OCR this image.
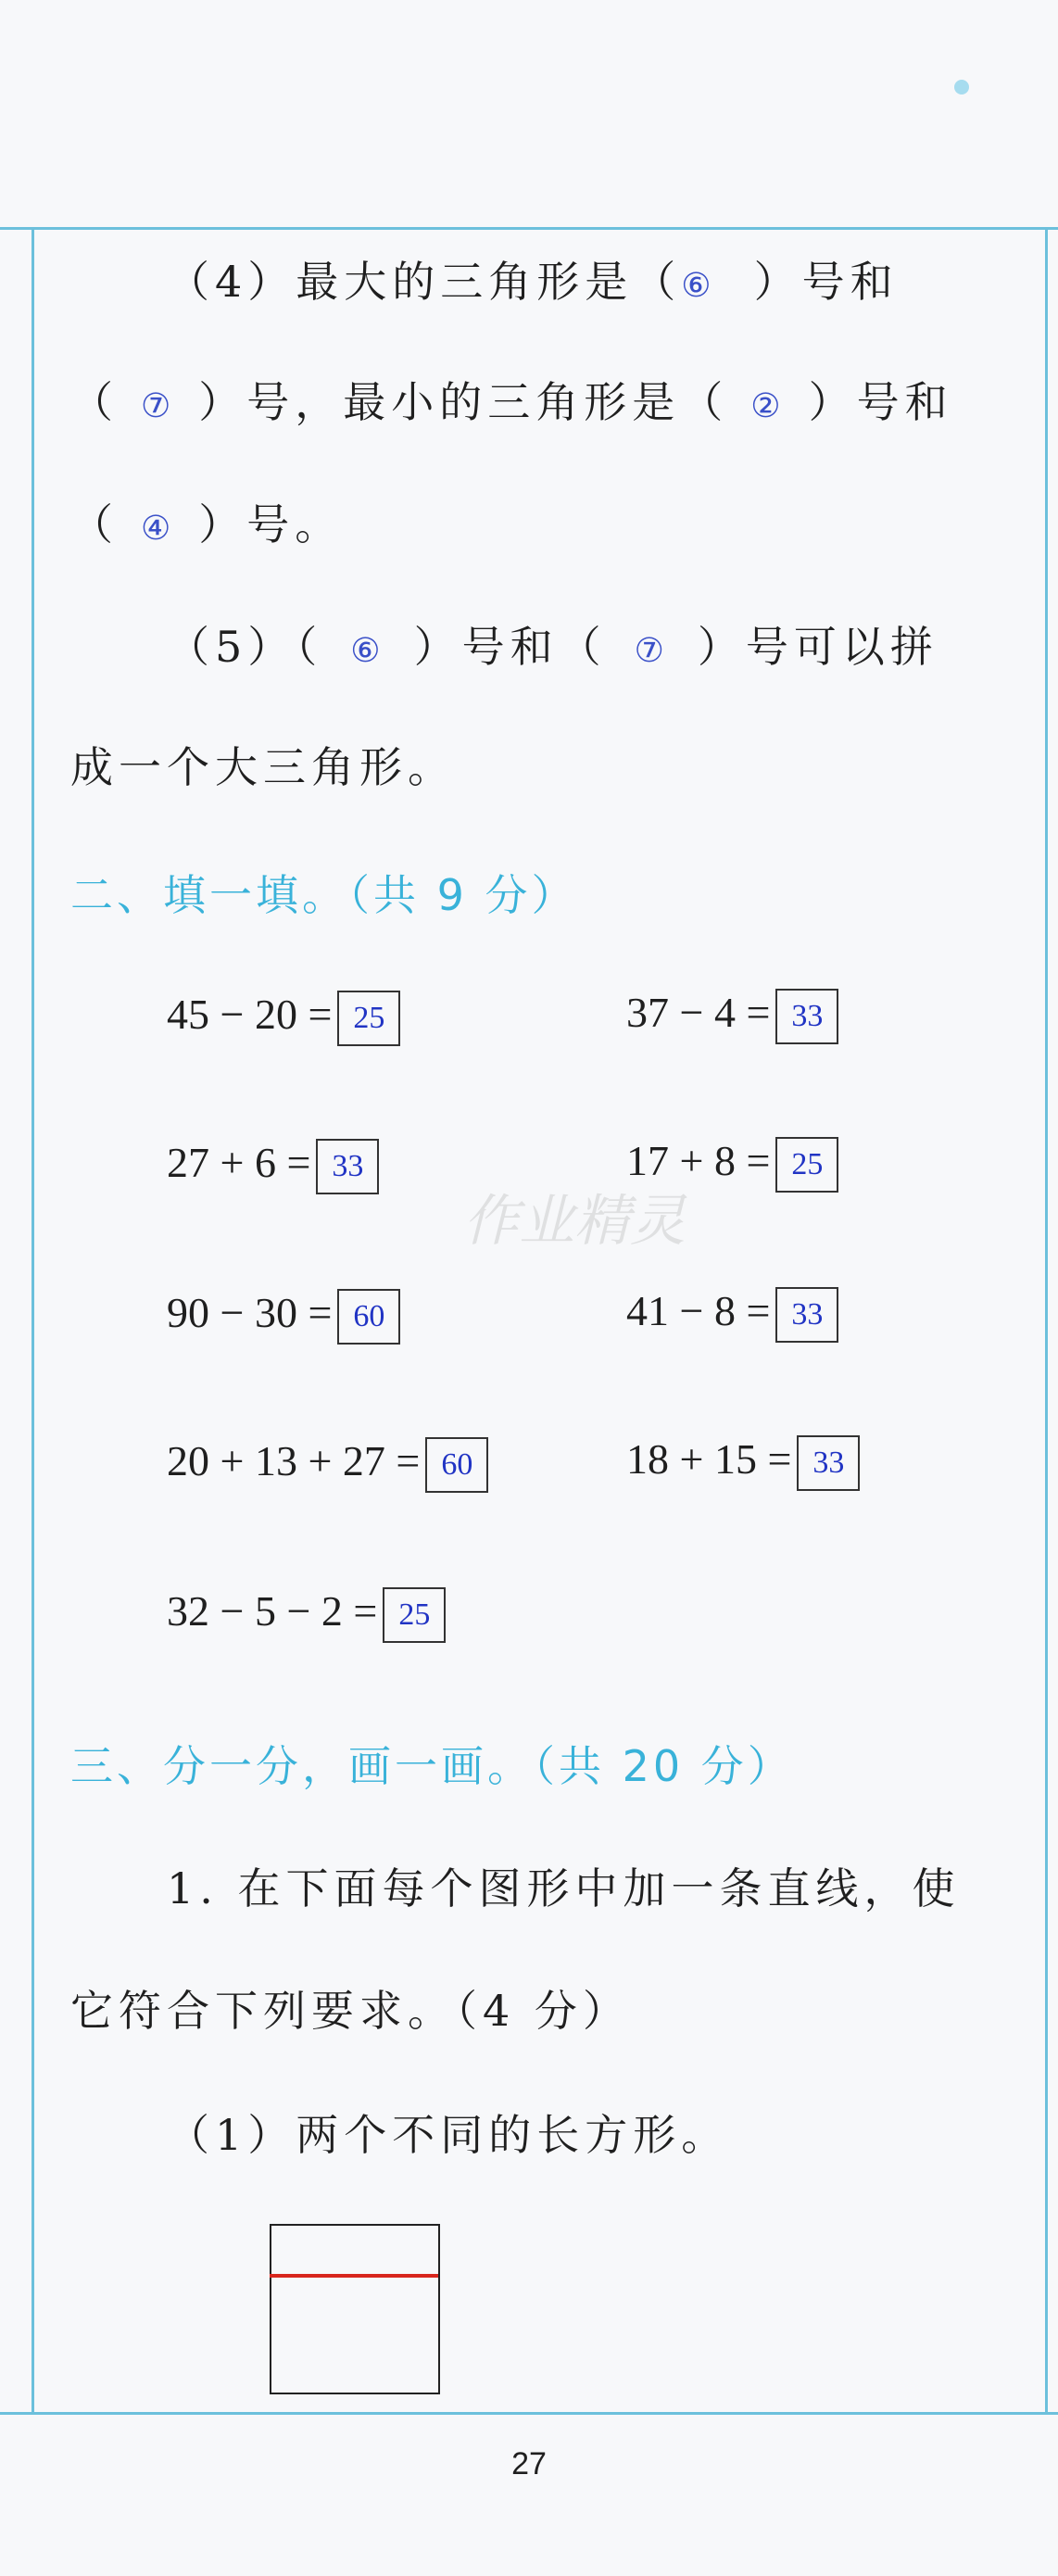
（4）最大的三角形是（⑥ ）号和
（ ⑦ ）号，最小的三角形是（ ② ）号和
（ ④ ）号。
（5）（ ⑥ ）号和（ ⑦ ）号可以拼
成一个大三角形。
二、填一填。（共 9 分）
45 − 20 = 25	37 − 4 = 33
27 + 6 = 33	17 + 8 = 25
90 − 30 = 60	41 − 8 = 33
20 + 13 + 27 = 60	18 + 15 = 33
32 − 5 − 2 = 25
三、分一分，画一画。（共 20 分）
1. 在下面每个图形中加一条直线，使
它符合下列要求。（4 分）
（1）两个不同的长方形。
作业精灵
27
